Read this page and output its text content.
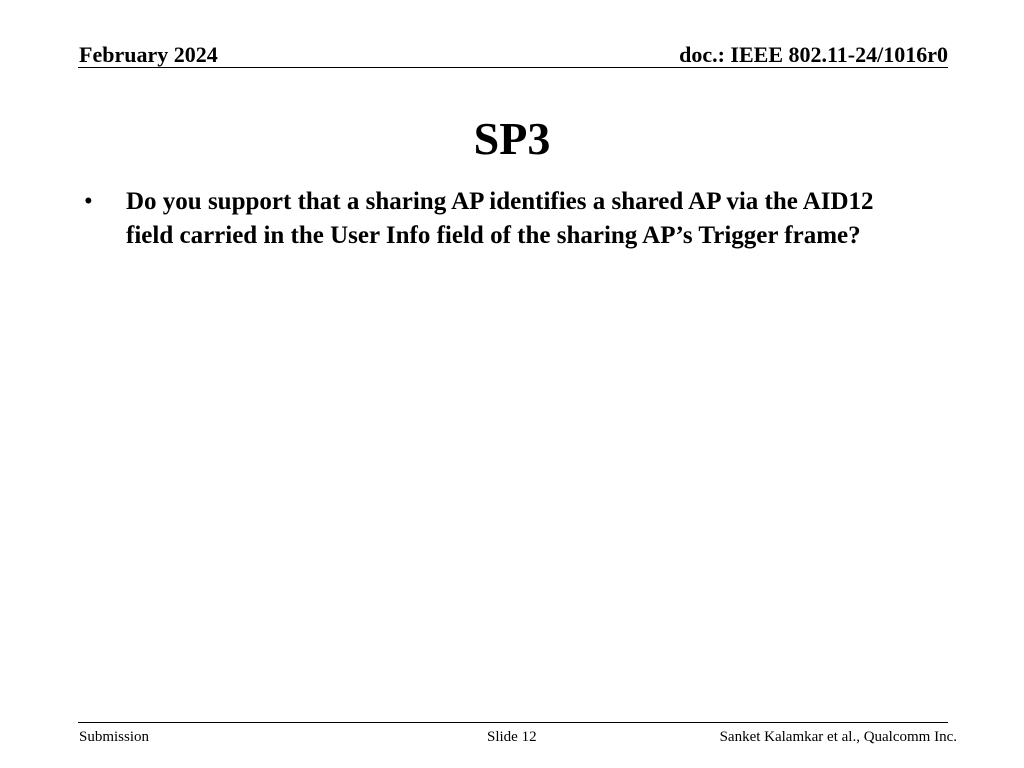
February 2024	doc.: IEEE 802.11-24/1016r0
SP3
• Do you support that a sharing AP identifies a shared AP via the AID12 field carried in the User Info field of the sharing AP’s Trigger frame?
Submission	Slide 12	Sanket Kalamkar et al., Qualcomm Inc.
